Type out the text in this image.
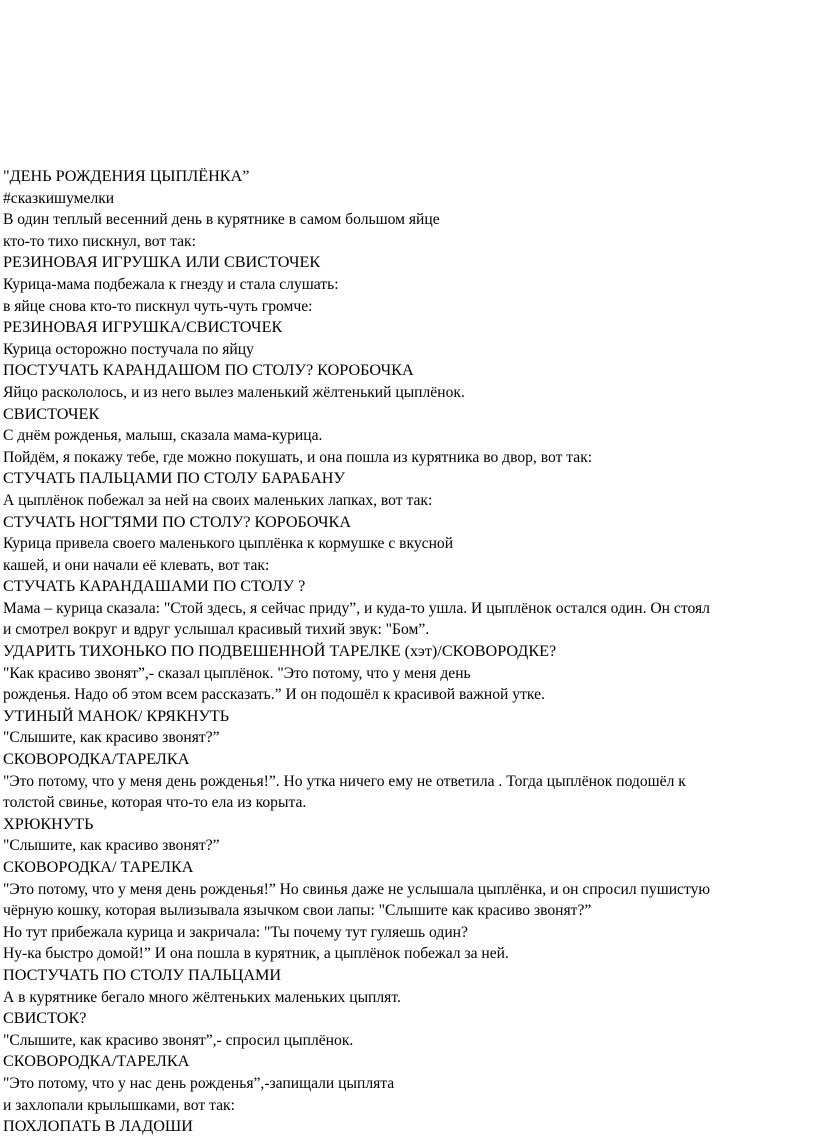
"ДЕНЬ РОЖДЕНИЯ ЦЫПЛЁНКА”
#сказкишумелки
В один теплый весенний день в курятнике в самом большом яйце
кто-то тихо пискнул, вот так:
РЕЗИНОВАЯ ИГРУШКА ИЛИ СВИСТОЧЕК
Курица-мама подбежала к гнезду и стала слушать:
в яйце снова кто-то пискнул чуть-чуть громче:
РЕЗИНОВАЯ ИГРУШКА/СВИСТОЧЕК
Курица осторожно постучала по яйцу
ПОСТУЧАТЬ КАРАНДАШОМ ПО СТОЛУ? КОРОБОЧКА
Яйцо раскололось, и из него вылез маленький жёлтенький цыплёнок.
СВИСТОЧЕК
С днём рожденья, малыш, сказала мама-курица.
Пойдём, я покажу тебе, где можно покушать, и она пошла из курятника во двор, вот так:
СТУЧАТЬ ПАЛЬЦАМИ ПО СТОЛУ БАРАБАНУ
А цыплёнок побежал за ней на своих маленьких лапках, вот так:
СТУЧАТЬ НОГТЯМИ ПО СТОЛУ? КОРОБОЧКА
Курица привела своего маленького цыплёнка к кормушке с вкусной
кашей, и они начали её клевать, вот так:
СТУЧАТЬ КАРАНДАШАМИ ПО СТОЛУ ?
Мама – курица сказала: "Стой здесь, я сейчас приду”, и куда-то ушла. И цыплёнок остался один. Он стоял
и смотрел вокруг и вдруг услышал красивый тихий звук: "Бом”.
УДАРИТЬ ТИХОНЬКО ПО ПОДВЕШЕННОЙ ТАРЕЛКЕ (хэт)/СКОВОРОДКЕ?
"Как красиво звонят”,- сказал цыплёнок. "Это потому, что у меня день
рожденья. Надо об этом всем рассказать.” И он подошёл к красивой важной утке.
УТИНЫЙ МАНОК/ КРЯКНУТЬ
"Слышите, как красиво звонят?”
СКОВОРОДКА/ТАРЕЛКА
"Это потому, что у меня день рожденья!”. Но утка ничего ему не ответила . Тогда цыплёнок подошёл к
толстой свинье, которая что-то ела из корыта.
ХРЮКНУТЬ
"Слышите, как красиво звонят?”
СКОВОРОДКА/ ТАРЕЛКА
"Это потому, что у меня день рожденья!” Но свинья даже не услышала цыплёнка, и он спросил пушистую
чёрную кошку, которая вылизывала язычком свои лапы: "Слышите как красиво звонят?”
Но тут прибежала курица и закричала: "Ты почему тут гуляешь один?
Ну-ка быстро домой!” И она пошла в курятник, а цыплёнок побежал за ней.
ПОСТУЧАТЬ ПО СТОЛУ ПАЛЬЦАМИ
А в курятнике бегало много жёлтеньких маленьких цыплят.
СВИСТОК?
"Слышите, как красиво звонят”,- спросил цыплёнок.
СКОВОРОДКА/ТАРЕЛКА
"Это потому, что у нас день рожденья”,-запищали цыплята
и захлопали крылышками, вот так:
ПОХЛОПАТЬ В ЛАДОШИ
